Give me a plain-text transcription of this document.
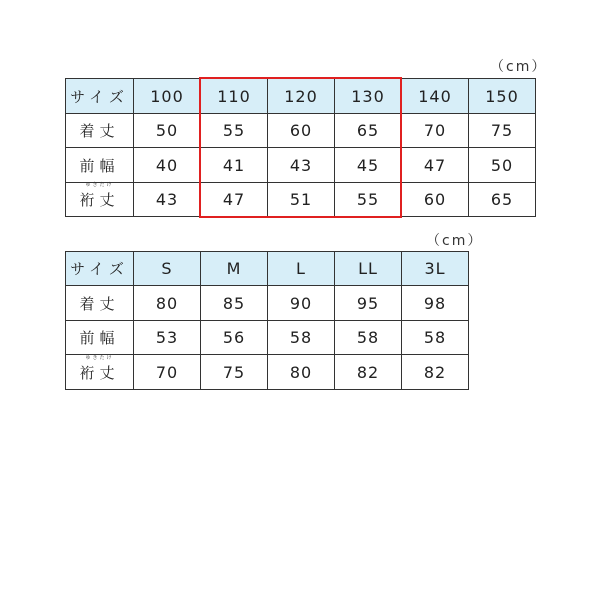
（cm）
サイズ	100	110	120	130	140	150
着丈	50	55	60	65	70	75
前幅	40	41	43	45	47	50

ゆきたけ
裄丈	43	47	51	55	60	65
（cm）
サイズ	S	M	L	LL	3L
着丈	80	85	90	95	98
前幅	53	56	58	58	58

ゆきたけ
裄丈	70	75	80	82	82
